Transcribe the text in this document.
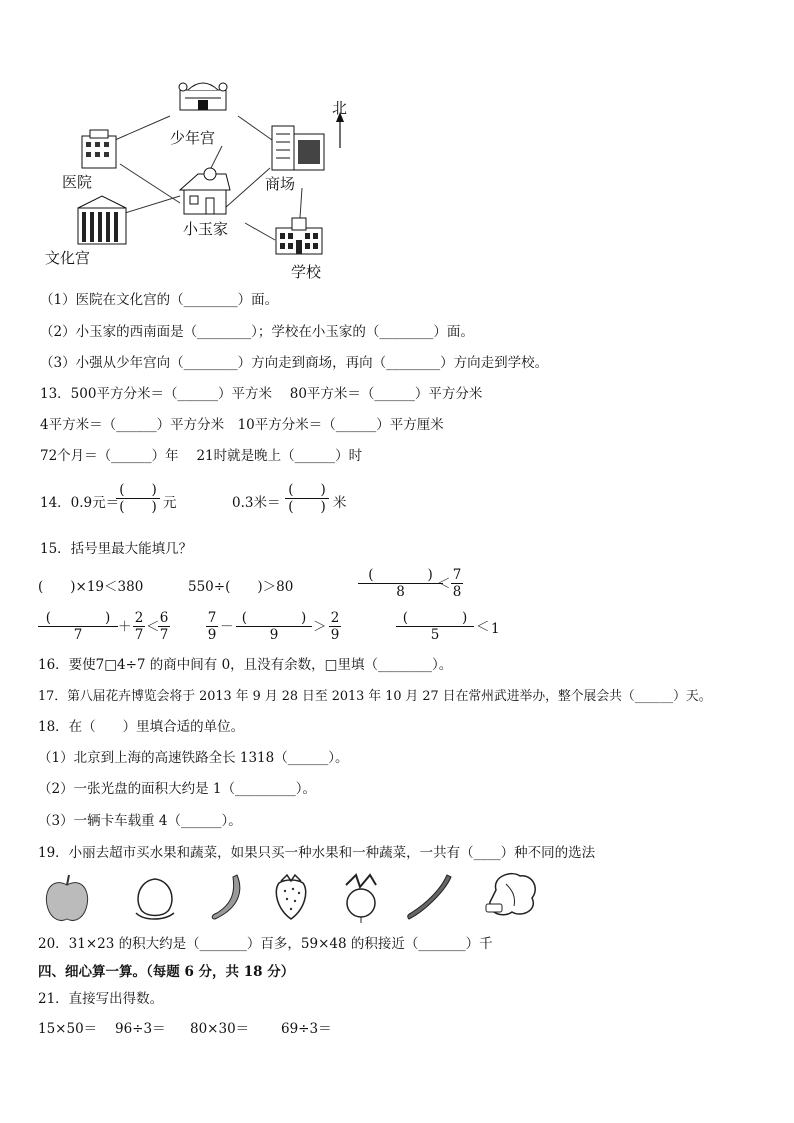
少年宫
医院	商场
小玉家
文化宫
学校
北
（1）医院在文化宫的（________）面。
（2）小玉家的西南面是（________）；学校在小玉家的（________）面。
（3）小强从少年宫向（________）方向走到商场，再向（________）方向走到学校。
13．500平方分米＝（______）平方米　 80平方米＝（______）平方分米
4平方米＝（______）平方分米　10平方分米＝（______）平方厘米
72个月＝（______）年　 21时就是晚上（______）时
14．0.9元＝
(　　)
(　　) 元	0.3米＝
(　　)
(　　) 米
15．括号里最大能填几？
(　　)×19＜380	550÷(　　)＞80
(　　　　)
8 ＜
7
8
(　　　　)
7	＋
2
7 ＜
6
7
7
9 －
(　　　　)
9	＞
2
9
(　　　　)
5	＜ 1
16．要使7□4÷7 的商中间有 0，且没有余数，□里填（________）。
17．第八届花卉博览会将于 2013 年 9 月 28 日至 2013 年 10 月 27 日在常州武进举办，整个展会共（______）天。
18．在（　　）里填合适的单位。
（1）北京到上海的高速铁路全长 1318（______）。
（2）一张光盘的面积大约是 1（_________）。
（3）一辆卡车载重 4（______）。
19．小丽去超市买水果和蔬菜，如果只买一种水果和一种蔬菜，一共有（____）种不同的选法
20．31×23 的积大约是（_______）百多，59×48 的积接近（_______）千
四、细心算一算。（每题 6 分，共 18 分）
21．直接写出得数。
15×50＝ 96÷3＝ 80×30＝ 69÷3＝
